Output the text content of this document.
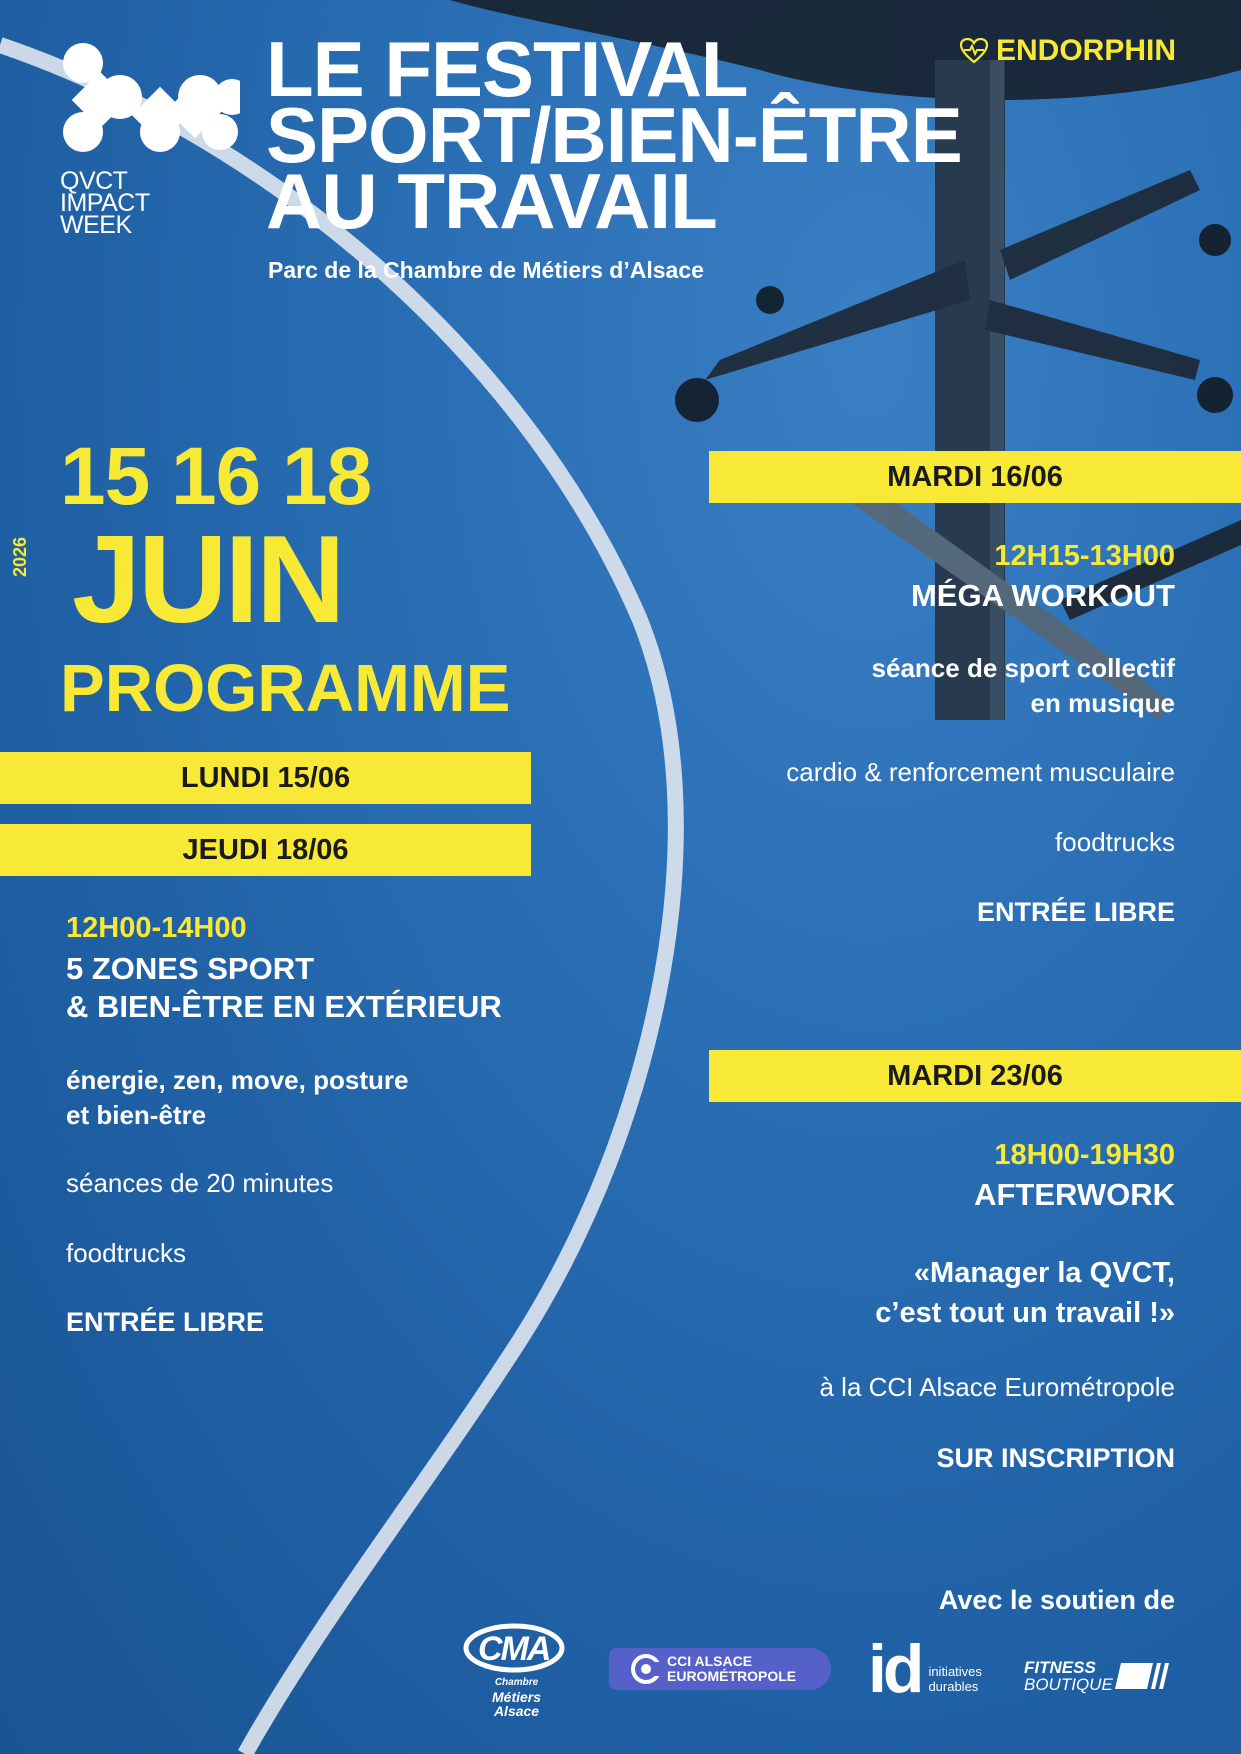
QVCT
IMPACT
WEEK
LE FESTIVAL
SPORT/BIEN-ÊTRE
AU TRAVAIL
Parc de la Chambre de Métiers d’Alsace
ENDORPHIN
15 16 18
2026 JUIN
PROGRAMME
LUNDI 15/06
JEUDI 18/06
12H00-14H00
5 ZONES SPORT
& BIEN-ÊTRE EN EXTÉRIEUR
énergie, zen, move, posture
et bien-être
séances de 20 minutes
foodtrucks
ENTRÉE LIBRE
MARDI 16/06
12H15-13H00
MÉGA WORKOUT
séance de sport collectif
en musique
cardio & renforcement musculaire
foodtrucks
ENTRÉE LIBRE
MARDI 23/06
18H00-19H30
AFTERWORK
«Manager la QVCT,
c’est tout un travail !»
à la CCI Alsace Eurométropole
SUR INSCRIPTION
Avec le soutien de
CMA
Chambre
Métiers
Alsace
CCI ALSACE
EUROMÉTROPOLE id initiatives
durables
FITNESS
BOUTIQUE
